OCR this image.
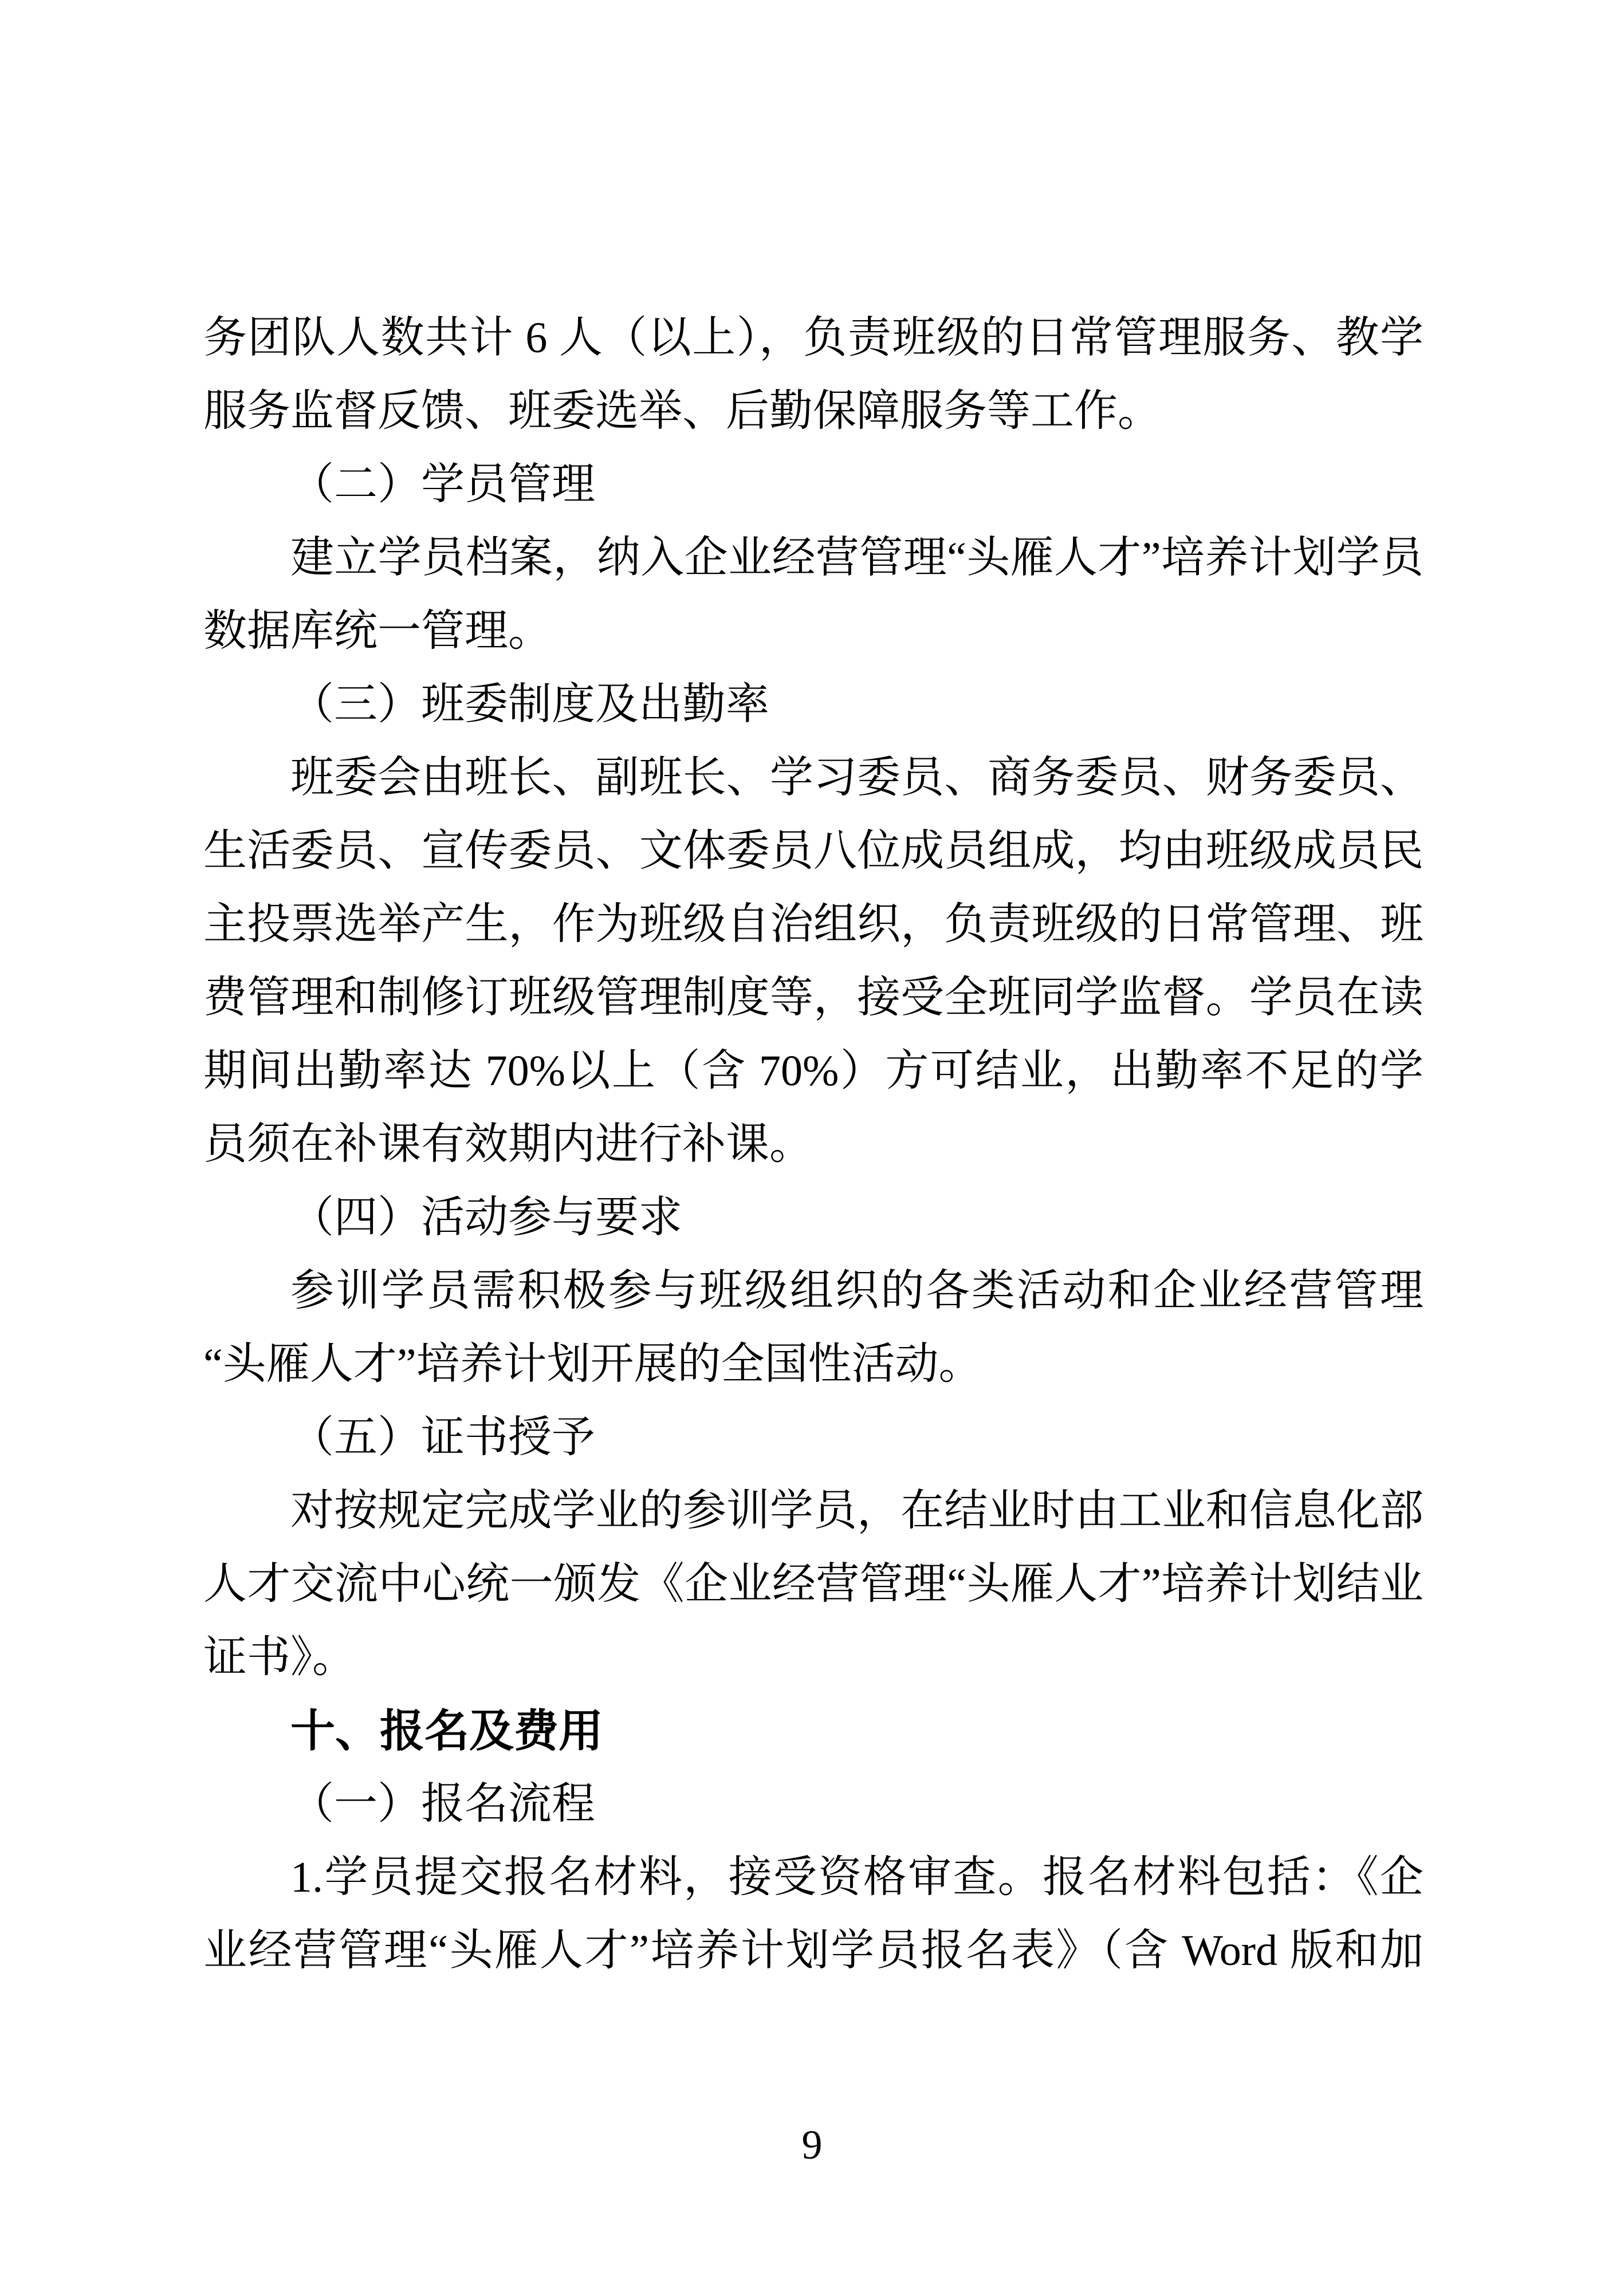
务团队人数共计 6 人（以上），负责班级的日常管理服务、教学
服务监督反馈、班委选举、后勤保障服务等工作。
（二）学员管理
建立学员档案，纳入企业经营管理“头雁人才”培养计划学员
数据库统一管理。
（三）班委制度及出勤率
班委会由班长、副班长、学习委员、商务委员、财务委员、
生活委员、宣传委员、文体委员八位成员组成，均由班级成员民
主投票选举产生，作为班级自治组织，负责班级的日常管理、班
费管理和制修订班级管理制度等，接受全班同学监督。学员在读
期间出勤率达 70%以上（含 70%）方可结业，出勤率不足的学
员须在补课有效期内进行补课。
（四）活动参与要求
参训学员需积极参与班级组织的各类活动和企业经营管理
“头雁人才”培养计划开展的全国性活动。
（五）证书授予
对按规定完成学业的参训学员，在结业时由工业和信息化部
人才交流中心统一颁发《企业经营管理“头雁人才”培养计划结业
证书》。
十、报名及费用
（一）报名流程
1.学员提交报名材料，接受资格审查。报名材料包括：《企
业经营管理“头雁人才”培养计划学员报名表》（含 Word 版和加
9
